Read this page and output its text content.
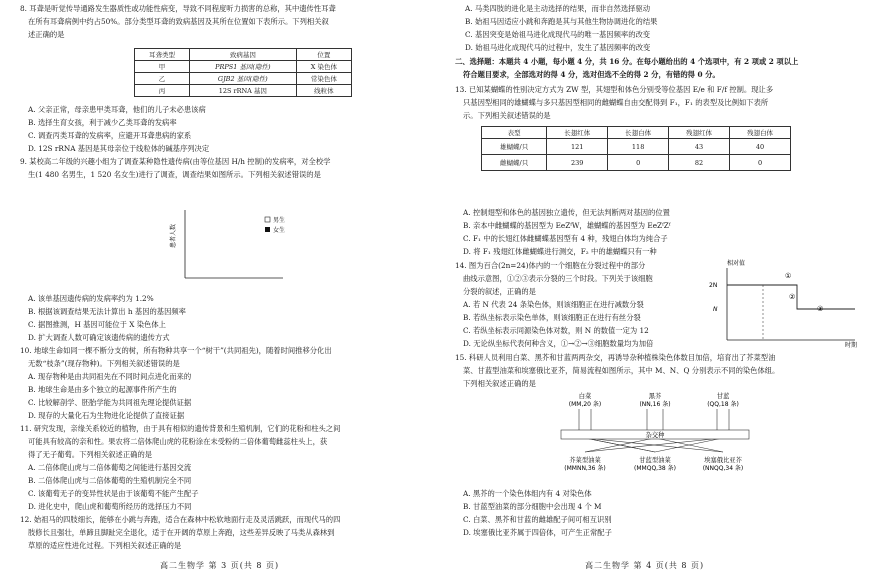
8. 耳聋是听觉传导通路发生器质性或功能性病变，导致不同程度听力损害的总称，其中遗传性耳聋
在所有耳聋病例中约占50%。部分类型耳聋的致病基因及其所在位置如下表所示。下列相关叙
述正确的是
耳聋类型	致病基因	位置
甲	PRPS1 基因(隐性)	X 染色体
乙	GJB2 基因(隐性)	常染色体
丙	12S rRNA 基因	线粒体
A. 父亲正常，母亲患甲类耳聋，他们的儿子未必患该病
B. 选择生育女孩，利于减少乙类耳聋的发病率
C. 调查丙类耳聋的发病率，应避开耳聋患病的家系
D. 12S rRNA 基因是其母亲位于线粒体的碱基序列决定
9. 某校高二年级的兴趣小组为了调查某种隐性遗传病(由等位基因 H/h 控制)的发病率，对全校学
生(1 480 名男生，1 520 名女生)进行了调查，调查结果如图所示。下列相关叙述错误的是
患者人数
男生
女生
A. 该单基因遗传病的发病率约为 1.2%
B. 根据该调查结果无法计算出 h 基因的基因频率
C. 据图推测，H 基因可能位于 X 染色体上
D. 扩大调查人数可确定该遗传病的遗传方式
10. 地球生命如同一棵不断分支的树，所有物种共享一个“树干”(共同祖先)，随着时间推移分化出
无数“枝条”(现存物种)。下列相关叙述错误的是
A. 现存物种是由共同祖先在不同时间点进化而来的
B. 地球生命是由多个独立的起源事件所产生的
C. 比较解剖学、胚胎学能为共同祖先理论提供证据
D. 现存的大量化石为生物进化论提供了直接证据
11. 研究发现，亲缘关系较近的植物，由于具有相似的遗传背景和生殖机制，它们的花粉和柱头之间
可能具有较高的亲和性。果农将二倍体爬山虎的花粉涂在未受粉的二倍体葡萄雌蕊柱头上，获
得了无子葡萄。下列相关叙述正确的是
A. 二倍体爬山虎与二倍体葡萄之间能进行基因交流
B. 二倍体爬山虎与二倍体葡萄的生殖机制完全不同
C. 该葡萄无子的变异性状是由于该葡萄不能产生配子
D. 进化史中，爬山虎和葡萄所经历的选择压力不同
12. 始祖马的四肢细长，能够在小跳与奔跑，适合在森林中松软地面行走及灵活跳跃，而现代马的四
肢修长且强壮，单蹄且脚趾完全退化，适于在开阔的草原上奔跑，这些差异反映了马类从森林到
草原的适应性进化过程。下列相关叙述正确的是
高二生物学 第 3 页(共 8 页)
A. 马类四肢的进化是主动选择的结果，而非自然选择驱动
B. 始祖马因适应小跳和奔跑是其与其他生物协调进化的结果
C. 基因突变是始祖马进化成现代马的唯一基因频率的改变
D. 始祖马进化成现代马的过程中，发生了基因频率的改变
二、选择题：本题共 4 小题，每小题 4 分，共 16 分。在每小题给出的 4 个选项中，有 2 项或 2 项以上
符合题目要求，全部选对的得 4 分，选对但选不全的得 2 分，有错的得 0 分。
13. 已知某蝴蝶的性别决定方式为 ZW 型，其翅型和体色分别受等位基因 E/e 和 F/f 控制。现让多
只基因型相同的雄蝴蝶与多只基因型相同的雌蝴蝶自由交配得到 F₁，F₁ 的表型及比例如下表所
示。下列相关叙述错误的是
表型	长翅红体	长翅白体	残翅红体	残翅白体
雄蝴蝶/只	121	118	43	40
雌蝴蝶/只	239	0	82	0
A. 控制翅型和体色的基因独立遗传，但无法判断两对基因的位置
B. 亲本中雌蝴蝶的基因型为 EeZᶠW，雄蝴蝶的基因型为 EeZᶠZᶠ
C. F₁ 中的长翅红体雌蝴蝶基因型有 4 种，残翅白体均为纯合子
D. 将 F₁ 残翅红体雌蝴蝶进行测交，F₂ 中的雄蝴蝶只有一种
14. 图为百合(2n=24)体内的一个细胞在分裂过程中的部分
曲线示意图，①②③表示分裂的三个时段。下列关于该细胞
分裂的叙述，正确的是
A. 若 N 代表 24 条染色体，则该细胞正在进行减数分裂
B. 若纵坐标表示染色单体，则该细胞正在进行有丝分裂
C. 若纵坐标表示同源染色体对数，则 N 的数值一定为 12
D. 无论纵坐标代表何种含义，①→②→③细胞数量均为加倍
相对值
2N
N
①
②
③
时期
15. 科研人员利用白菜、黑芥和甘蓝两两杂交，再诱导杂种植株染色体数目加倍，培育出了芥菜型油
菜、甘蓝型油菜和埃塞俄比亚芥，简易流程如图所示，其中 M、N、Q 分别表示不同的染色体组。
下列相关叙述正确的是
白菜
(MM,20 条)
黑芥
(NN,16 条)
甘蓝
(QQ,18 条)
杂交种
芥菜型油菜
(MMNN,36 条)
甘蓝型油菜
(MMQQ,38 条)
埃塞俄比亚芥
(NNQQ,34 条)
A. 黑芥的一个染色体组内有 4 对染色体
B. 甘蓝型油菜的部分细胞中会出现 4 个 M
C. 白菜、黑芥和甘蓝的雌雄配子间可相互识别
D. 埃塞俄比亚芥属于四倍体，可产生正常配子
高二生物学 第 4 页(共 8 页)
